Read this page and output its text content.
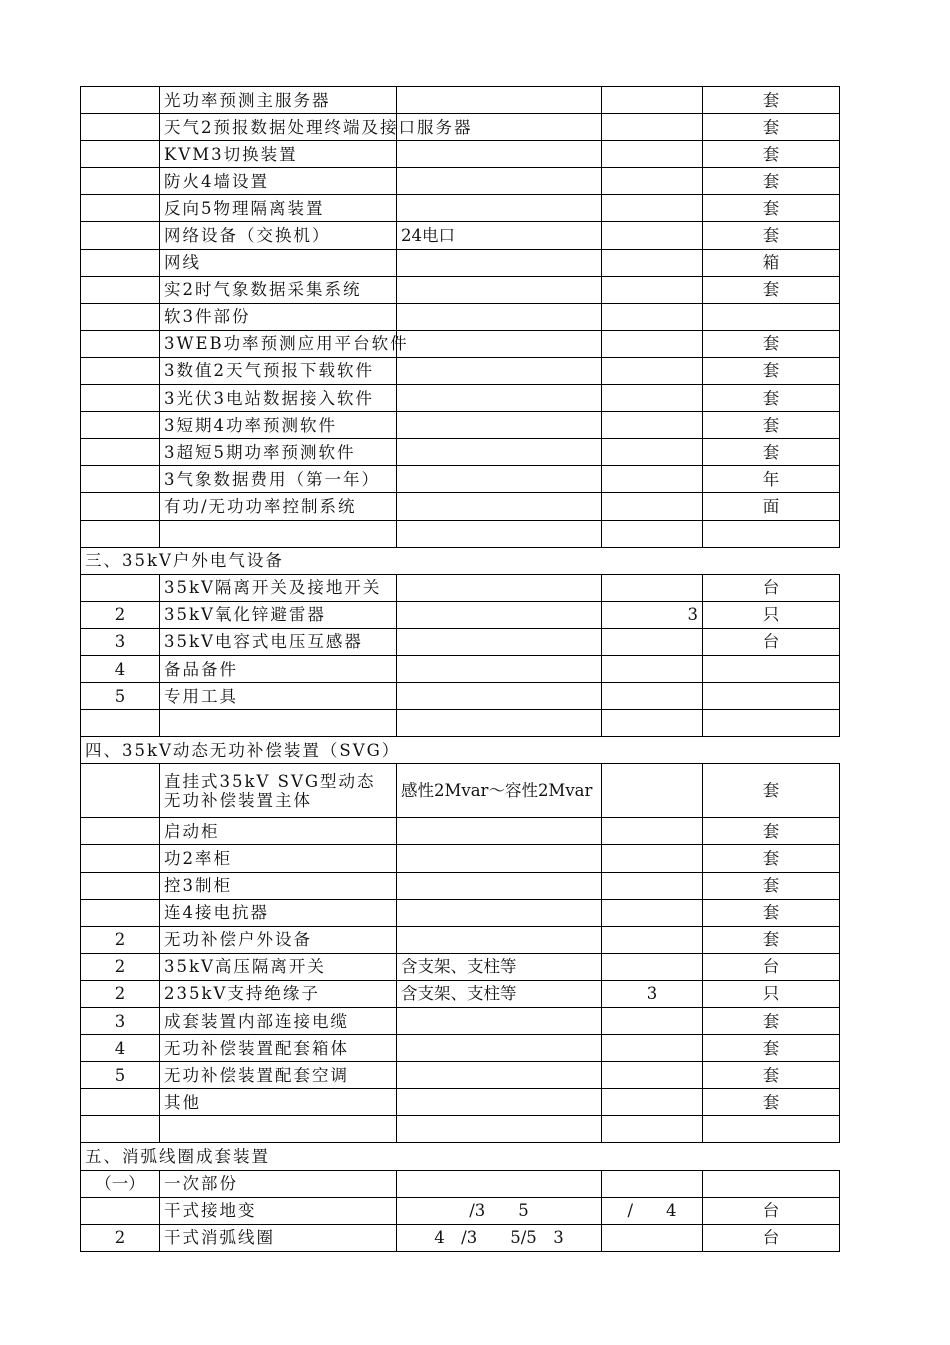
	光功率预测主服务器			套
	天气2预报数据处理终端及接口服务器			套
	KVM3切换装置			套
	防火4墙设置			套
	反向5物理隔离装置			套
	网络设备（交换机）	24电口		套
	网线			箱
	实2时气象数据采集系统			套
	软3件部份			
	3WEB功率预测应用平台软件			套
	3数值2天气预报下载软件			套
	3光伏3电站数据接入软件			套
	3短期4功率预测软件			套
	3超短5期功率预测软件			套
	3气象数据费用（第一年）			年
	有功/无功功率控制系统			面

三、35kV户外电气设备				
	35kV隔离开关及接地开关			台
2	35kV氧化锌避雷器		3	只
3	35kV电容式电压互感器			台
4	备品备件			
5	专用工具			

四、35kV动态无功补偿装置（SVG）				
	直挂式35kV SVG型动态无功补偿装置主体	感性2Mvar～容性2Mvar		套
	启动柜			套
	功2率柜			套
	控3制柜			套
	连4接电抗器			套
2	无功补偿户外设备			套
2	35kV高压隔离开关	含支架、支柱等		台
2	235kV支持绝缘子	含支架、支柱等	3	只
3	成套装置内部连接电缆			套
4	无功补偿装置配套箱体			套
5	无功补偿装置配套空调			套
	其他			套

五、消弧线圈成套装置				
（一）	一次部份			
	干式接地变	/3　　5	/　　4	台
2	干式消弧线圈	4　/3　　5/5　3		台
